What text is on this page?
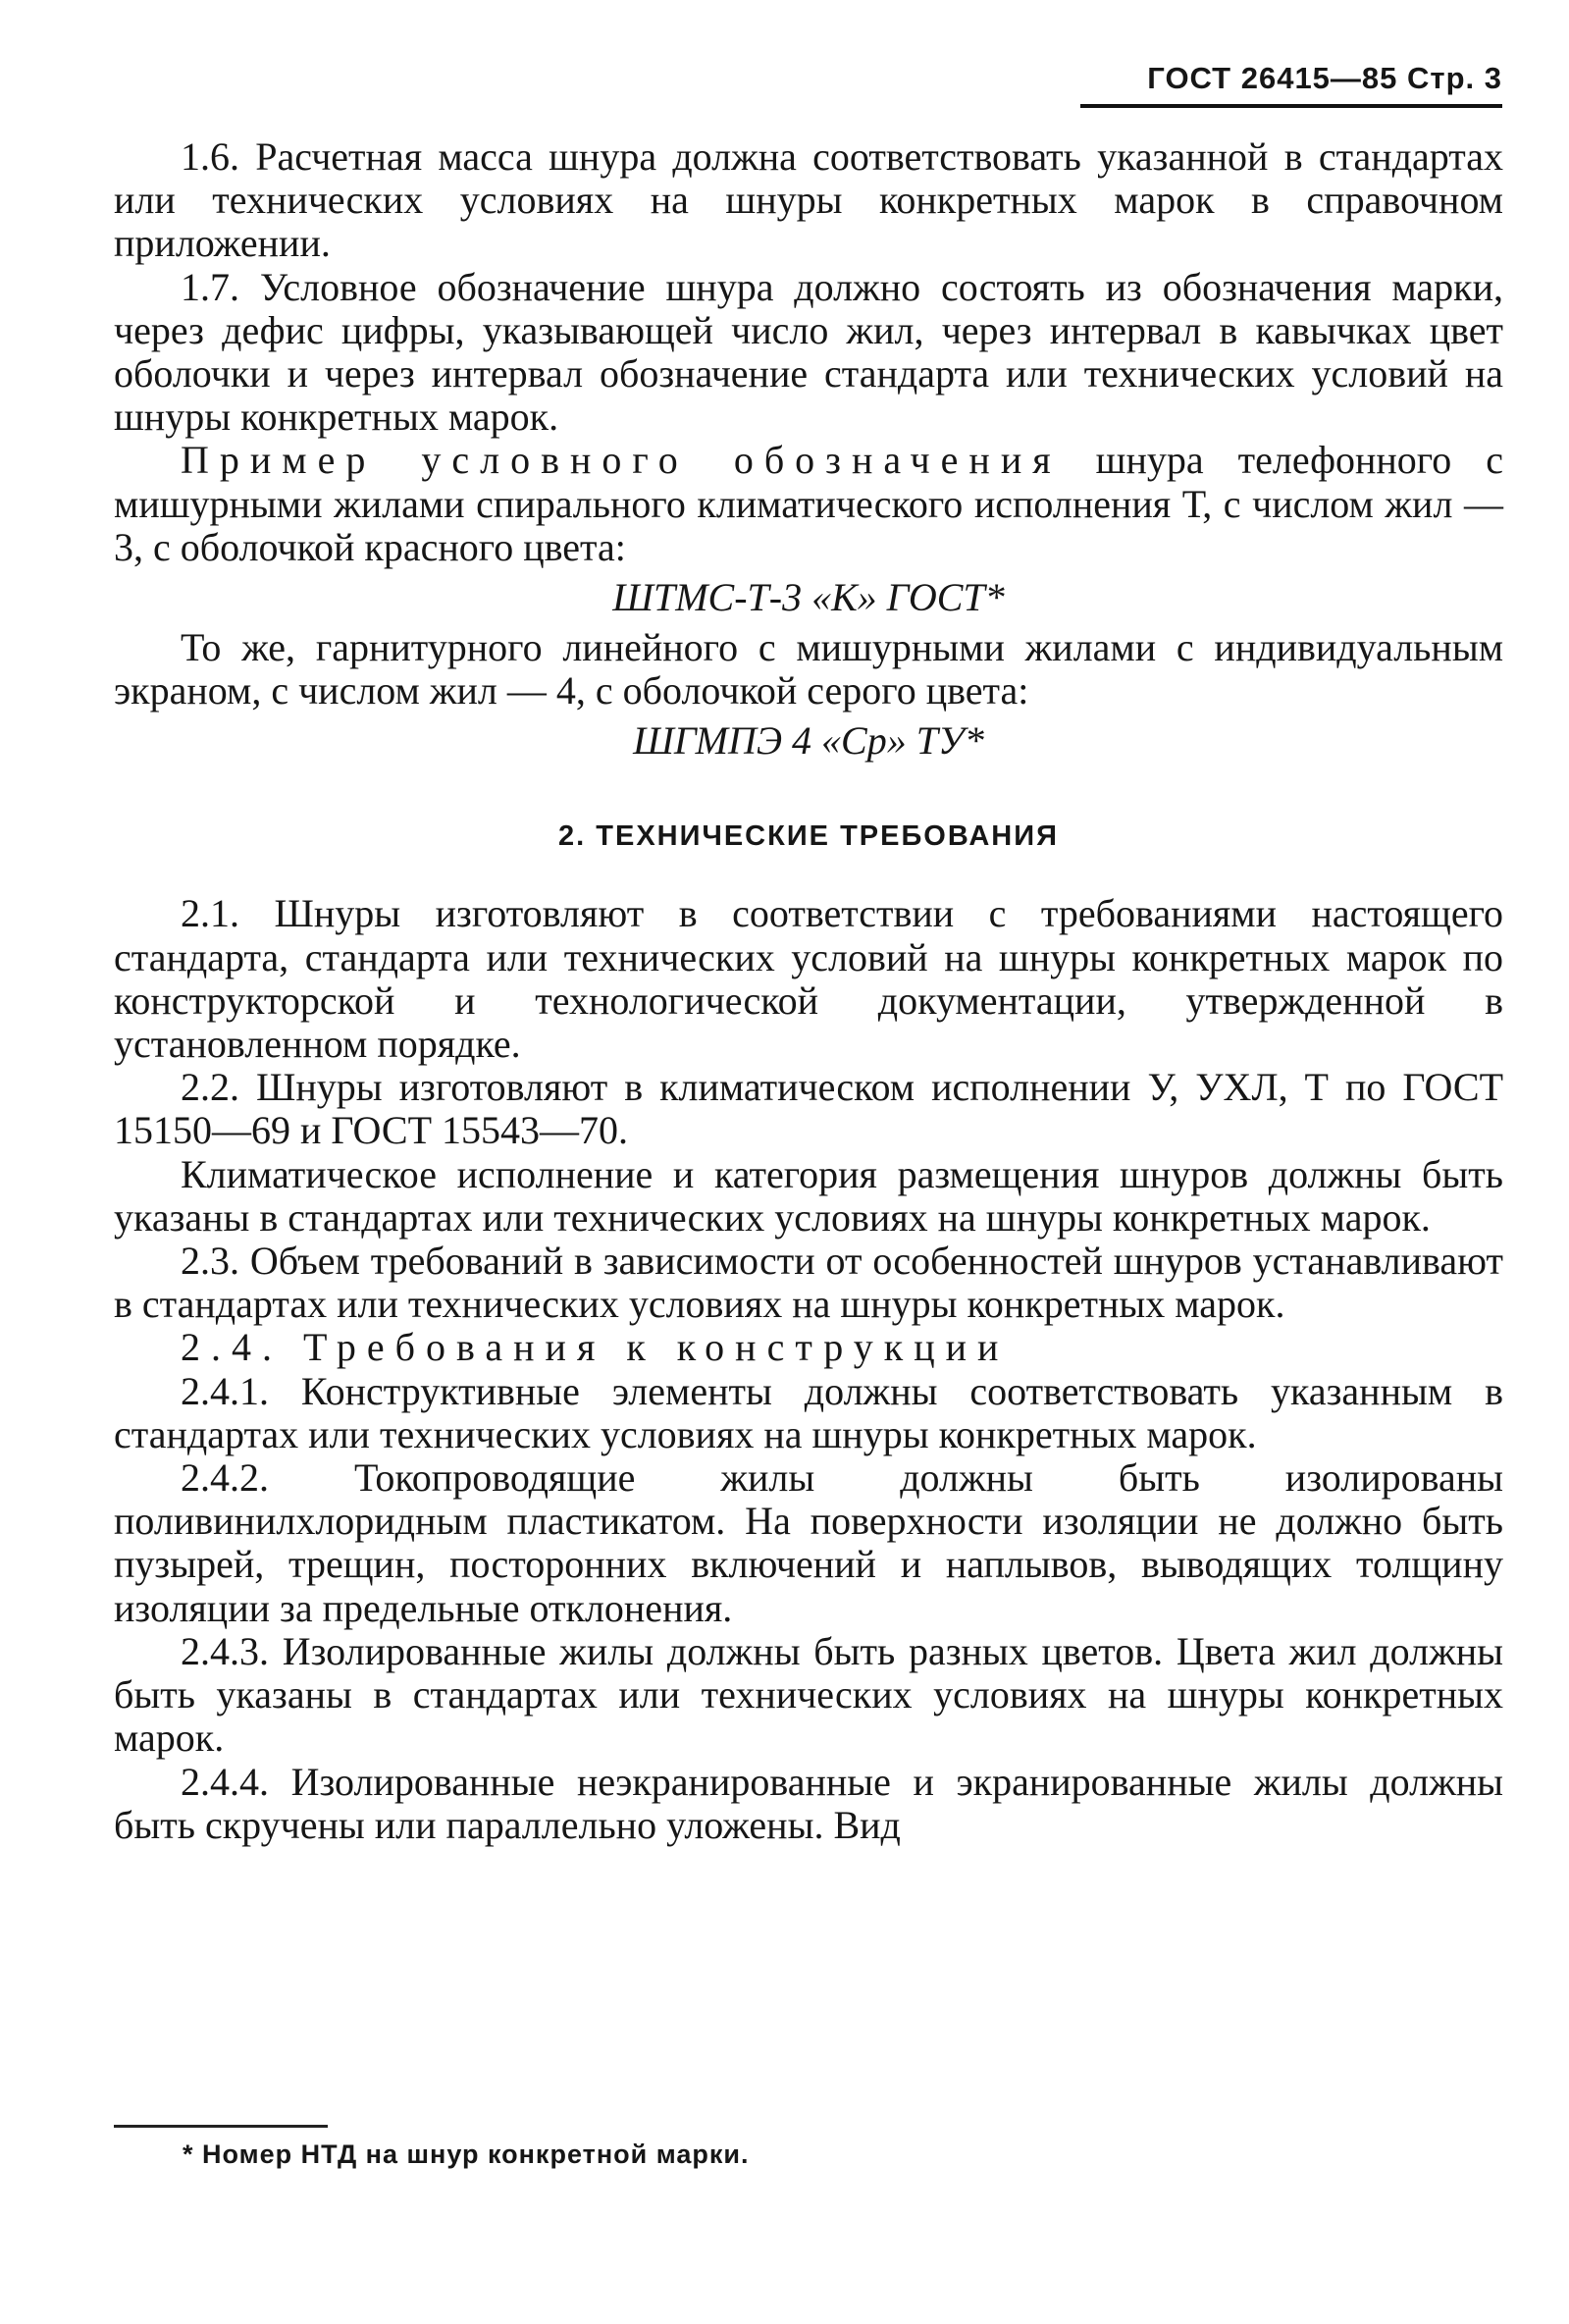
ГОСТ 26415—85 Стр. 3

1.6. Расчетная масса шнура должна соответствовать указанной в стандартах или технических условиях на шнуры конкретных марок в справочном приложении.

1.7. Условное обозначение шнура должно состоять из обозначения марки, через дефис цифры, указывающей число жил, через интервал в кавычках цвет оболочки и через интервал обозначение стандарта или технических условий на шнуры конкретных марок.

Пример условного обозначения шнура телефонного с мишурными жилами спирального климатического исполнения Т, с числом жил — 3, с оболочкой красного цвета:

ШТМС-Т-3 «К» ГОСТ*

То же, гарнитурного линейного с мишурными жилами с индивидуальным экраном, с числом жил — 4, с оболочкой серого цвета:

ШГМПЭ 4 «Ср» ТУ*

2. ТЕХНИЧЕСКИЕ ТРЕБОВАНИЯ

2.1. Шнуры изготовляют в соответствии с требованиями настоящего стандарта, стандарта или технических условий на шнуры конкретных марок по конструкторской и технологической документации, утвержденной в установленном порядке.

2.2. Шнуры изготовляют в климатическом исполнении У, УХЛ, Т по ГОСТ 15150—69 и ГОСТ 15543—70.

Климатическое исполнение и категория размещения шнуров должны быть указаны в стандартах или технических условиях на шнуры конкретных марок.

2.3. Объем требований в зависимости от особенностей шнуров устанавливают в стандартах или технических условиях на шнуры конкретных марок.

2.4. Требования к конструкции

2.4.1. Конструктивные элементы должны соответствовать указанным в стандартах или технических условиях на шнуры конкретных марок.

2.4.2. Токопроводящие жилы должны быть изолированы поливинилхлоридным пластикатом. На поверхности изоляции не должно быть пузырей, трещин, посторонних включений и наплывов, выводящих толщину изоляции за предельные отклонения.

2.4.3. Изолированные жилы должны быть разных цветов. Цвета жил должны быть указаны в стандартах или технических условиях на шнуры конкретных марок.

2.4.4. Изолированные неэкранированные и экранированные жилы должны быть скручены или параллельно уложены. Вид

* Номер НТД на шнур конкретной марки.
